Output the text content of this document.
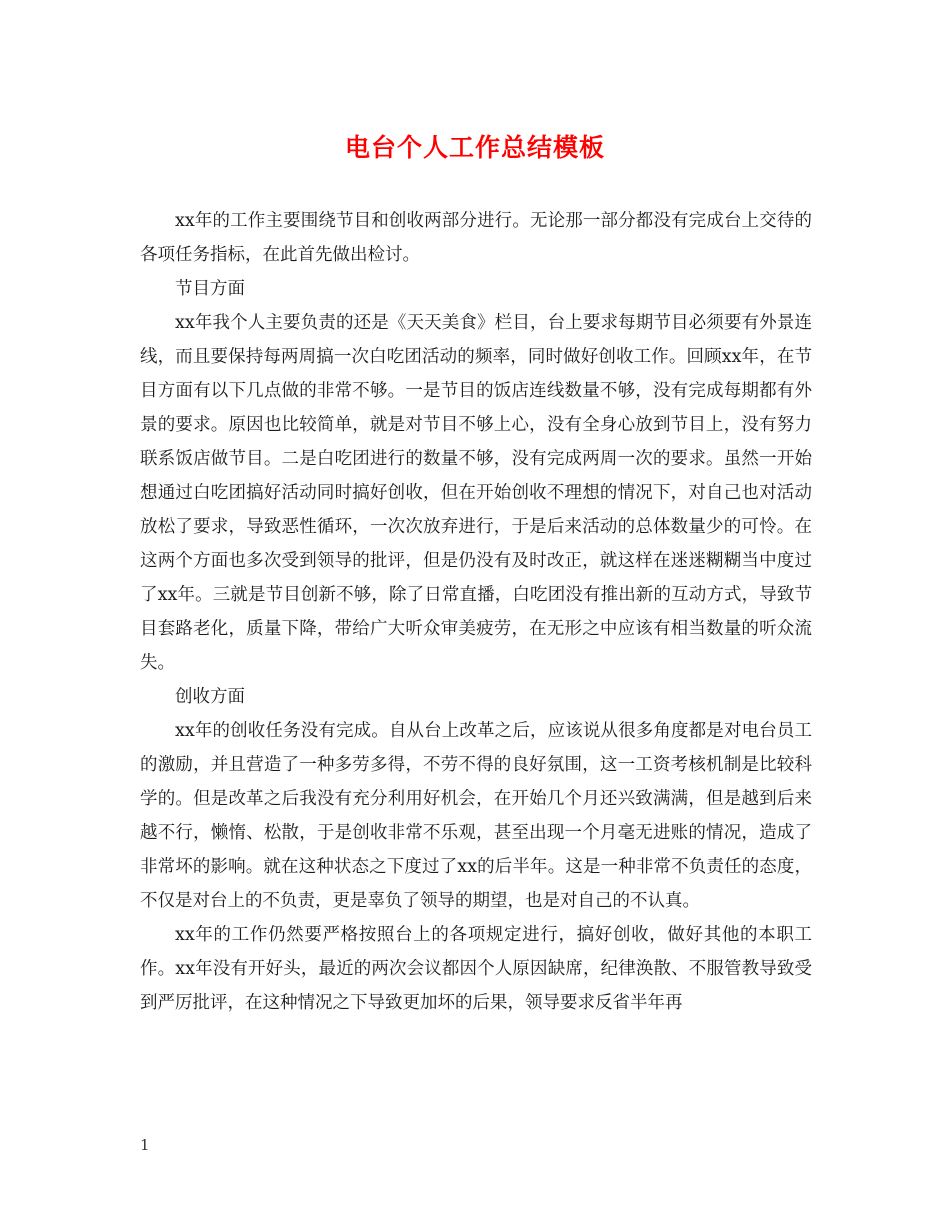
电台个人工作总结模板

xx年的工作主要围绕节目和创收两部分进行。无论那一部分都没有完成台上交待的各项任务指标，在此首先做出检讨。

节目方面

xx年我个人主要负责的还是《天天美食》栏目，台上要求每期节目必须要有外景连线，而且要保持每两周搞一次白吃团活动的频率，同时做好创收工作。回顾xx年，在节目方面有以下几点做的非常不够。一是节目的饭店连线数量不够，没有完成每期都有外景的要求。原因也比较简单，就是对节目不够上心，没有全身心放到节目上，没有努力联系饭店做节目。二是白吃团进行的数量不够，没有完成两周一次的要求。虽然一开始想通过白吃团搞好活动同时搞好创收，但在开始创收不理想的情况下，对自己也对活动放松了要求，导致恶性循环，一次次放弃进行，于是后来活动的总体数量少的可怜。在这两个方面也多次受到领导的批评，但是仍没有及时改正，就这样在迷迷糊糊当中度过了xx年。三就是节目创新不够，除了日常直播，白吃团没有推出新的互动方式，导致节目套路老化，质量下降，带给广大听众审美疲劳，在无形之中应该有相当数量的听众流失。

创收方面

xx年的创收任务没有完成。自从台上改革之后，应该说从很多角度都是对电台员工的激励，并且营造了一种多劳多得，不劳不得的良好氛围，这一工资考核机制是比较科学的。但是改革之后我没有充分利用好机会，在开始几个月还兴致满满，但是越到后来越不行，懒惰、松散，于是创收非常不乐观，甚至出现一个月毫无进账的情况，造成了非常坏的影响。就在这种状态之下度过了xx的后半年。这是一种非常不负责任的态度，不仅是对台上的不负责，更是辜负了领导的期望，也是对自己的不认真。

xx年的工作仍然要严格按照台上的各项规定进行，搞好创收，做好其他的本职工作。xx年没有开好头，最近的两次会议都因个人原因缺席，纪律涣散、不服管教导致受到严厉批评，在这种情况之下导致更加坏的后果，领导要求反省半年再

1
